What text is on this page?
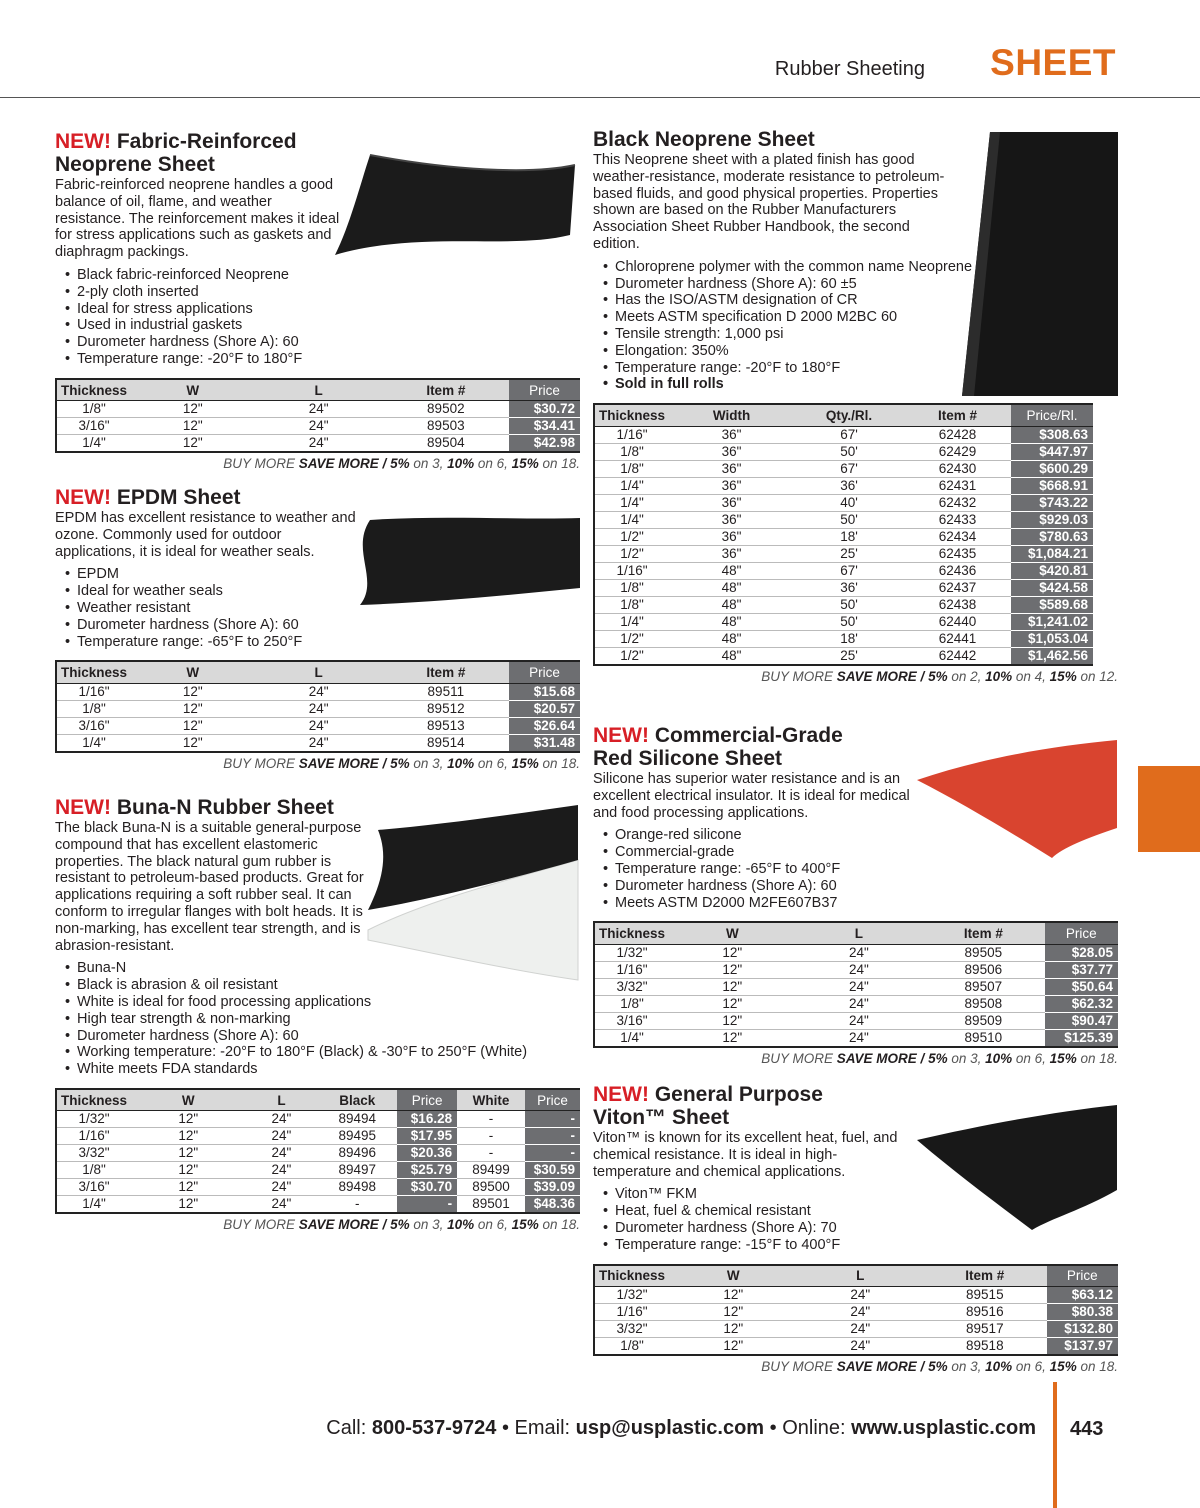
Rubber Sheeting SHEET
NEW! Fabric-Reinforced
Neoprene Sheet
Fabric-reinforced neoprene handles a good balance of oil, flame, and weather resistance. The reinforcement makes it ideal for stress applications such as gaskets and diaphragm packings.
• Black fabric-reinforced Neoprene
• 2-ply cloth inserted
• Ideal for stress applications
• Used in industrial gaskets
• Durometer hardness (Shore A): 60
• Temperature range: -20°F to 180°F
Thickness	W	L	Item #	Price
1/8"	12"	24"	89502	$30.72
3/16"	12"	24"	89503	$34.41
1/4"	12"	24"	89504	$42.98
BUY MORE SAVE MORE / 5% on 3, 10% on 6, 15% on 18.
NEW! EPDM Sheet
EPDM has excellent resistance to weather and ozone. Commonly used for outdoor applications, it is ideal for weather seals.
• EPDM
• Ideal for weather seals
• Weather resistant
• Durometer hardness (Shore A): 60
• Temperature range: -65°F to 250°F
Thickness	W	L	Item #	Price
1/16"	12"	24"	89511	$15.68
1/8"	12"	24"	89512	$20.57
3/16"	12"	24"	89513	$26.64
1/4"	12"	24"	89514	$31.48
BUY MORE SAVE MORE / 5% on 3, 10% on 6, 15% on 18.
NEW! Buna-N Rubber Sheet
The black Buna-N is a suitable general-purpose compound that has excellent elastomeric properties. The black natural gum rubber is resistant to petroleum-based products. Great for applications requiring a soft rubber seal. It can conform to irregular flanges with bolt heads. It is non-marking, has excellent tear strength, and is abrasion-resistant.
• Buna-N
• Black is abrasion & oil resistant
• White is ideal for food processing applications
• High tear strength & non-marking
• Durometer hardness (Shore A): 60
• Working temperature: -20°F to 180°F (Black) & -30°F to 250°F (White)
• White meets FDA standards
Thickness	W	L	Black	Price	White	Price
1/32"	12"	24"	89494	$16.28	-	-
1/16"	12"	24"	89495	$17.95	-	-
3/32"	12"	24"	89496	$20.36	-	-
1/8"	12"	24"	89497	$25.79	89499	$30.59
3/16"	12"	24"	89498	$30.70	89500	$39.09
1/4"	12"	24"	-	-	89501	$48.36
BUY MORE SAVE MORE / 5% on 3, 10% on 6, 15% on 18.
Black Neoprene Sheet
This Neoprene sheet with a plated finish has good weather-resistance, moderate resistance to petroleum-based fluids, and good physical properties. Properties shown are based on the Rubber Manufacturers Association Sheet Rubber Handbook, the second edition.
• Chloroprene polymer with the common name Neoprene
• Durometer hardness (Shore A): 60 ±5
• Has the ISO/ASTM designation of CR
• Meets ASTM specification D 2000 M2BC 60
• Tensile strength: 1,000 psi
• Elongation: 350%
• Temperature range: -20°F to 180°F
• Sold in full rolls
Thickness	Width	Qty./Rl.	Item #	Price/Rl.
1/16"	36"	67'	62428	$308.63
1/8"	36"	50'	62429	$447.97
1/8"	36"	67'	62430	$600.29
1/4"	36"	36'	62431	$668.91
1/4"	36"	40'	62432	$743.22
1/4"	36"	50'	62433	$929.03
1/2"	36"	18'	62434	$780.63
1/2"	36"	25'	62435	$1,084.21
1/16"	48"	67'	62436	$420.81
1/8"	48"	36'	62437	$424.58
1/8"	48"	50'	62438	$589.68
1/4"	48"	50'	62440	$1,241.02
1/2"	48"	18'	62441	$1,053.04
1/2"	48"	25'	62442	$1,462.56
BUY MORE SAVE MORE / 5% on 2, 10% on 4, 15% on 12.
NEW! Commercial-Grade
Red Silicone Sheet
Silicone has superior water resistance and is an excellent electrical insulator. It is ideal for medical and food processing applications.
• Orange-red silicone
• Commercial-grade
• Temperature range: -65°F to 400°F
• Durometer hardness (Shore A): 60
• Meets ASTM D2000 M2FE607B37
Thickness	W	L	Item #	Price
1/32"	12"	24"	89505	$28.05
1/16"	12"	24"	89506	$37.77
3/32"	12"	24"	89507	$50.64
1/8"	12"	24"	89508	$62.32
3/16"	12"	24"	89509	$90.47
1/4"	12"	24"	89510	$125.39
BUY MORE SAVE MORE / 5% on 3, 10% on 6, 15% on 18.
NEW! General Purpose
Viton™ Sheet
Viton™ is known for its excellent heat, fuel, and chemical resistance. It is ideal in high-temperature and chemical applications.
• Viton™ FKM
• Heat, fuel & chemical resistant
• Durometer hardness (Shore A): 70
• Temperature range: -15°F to 400°F
Thickness	W	L	Item #	Price
1/32"	12"	24"	89515	$63.12
1/16"	12"	24"	89516	$80.38
3/32"	12"	24"	89517	$132.80
1/8"	12"	24"	89518	$137.97
BUY MORE SAVE MORE / 5% on 3, 10% on 6, 15% on 18.
Call: 800-537-9724 • Email: usp@usplastic.com • Online: www.usplastic.com 443
